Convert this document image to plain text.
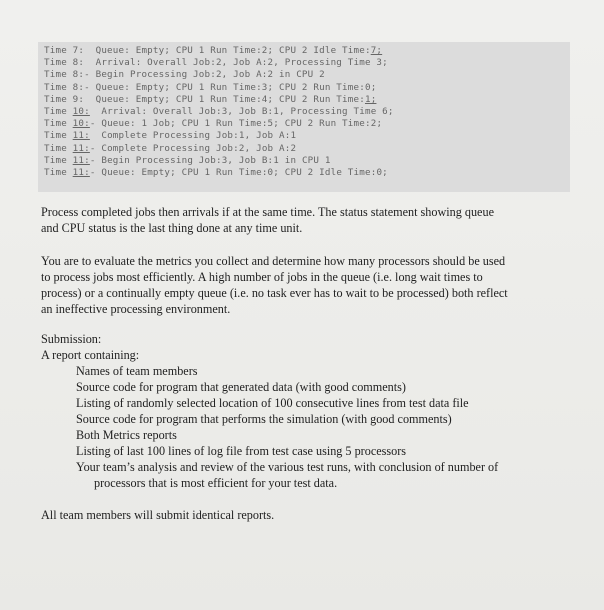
Time 7: Queue: Empty; CPU 1 Run Time:2; CPU 2 Idle Time:7;
Time 8: Arrival: Overall Job:2, Job A:2, Processing Time 3;
Time 8:- Begin Processing Job:2, Job A:2 in CPU 2
Time 8:- Queue: Empty; CPU 1 Run Time:3; CPU 2 Run Time:0;
Time 9: Queue: Empty; CPU 1 Run Time:4; CPU 2 Run Time:1;
Time 10: Arrival: Overall Job:3, Job B:1, Processing Time 6;
Time 10:- Queue: 1 Job; CPU 1 Run Time:5; CPU 2 Run Time:2;
Time 11: Complete Processing Job:1, Job A:1
Time 11:- Complete Processing Job:2, Job A:2
Time 11:- Begin Processing Job:3, Job B:1 in CPU 1
Time 11:- Queue: Empty; CPU 1 Run Time:0; CPU 2 Idle Time:0;
Process completed jobs then arrivals if at the same time. The status statement showing queue
and CPU status is the last thing done at any time unit.
You are to evaluate the metrics you collect and determine how many processors should be used
to process jobs most efficiently. A high number of jobs in the queue (i.e. long wait times to
process) or a continually empty queue (i.e. no task ever has to wait to be processed) both reflect
an ineffective processing environment.
Submission:
A report containing:
Names of team members
Source code for program that generated data (with good comments)
Listing of randomly selected location of 100 consecutive lines from test data file
Source code for program that performs the simulation (with good comments)
Both Metrics reports
Listing of last 100 lines of log file from test case using 5 processors
Your team’s analysis and review of the various test runs, with conclusion of number of
processors that is most efficient for your test data.
All team members will submit identical reports.
